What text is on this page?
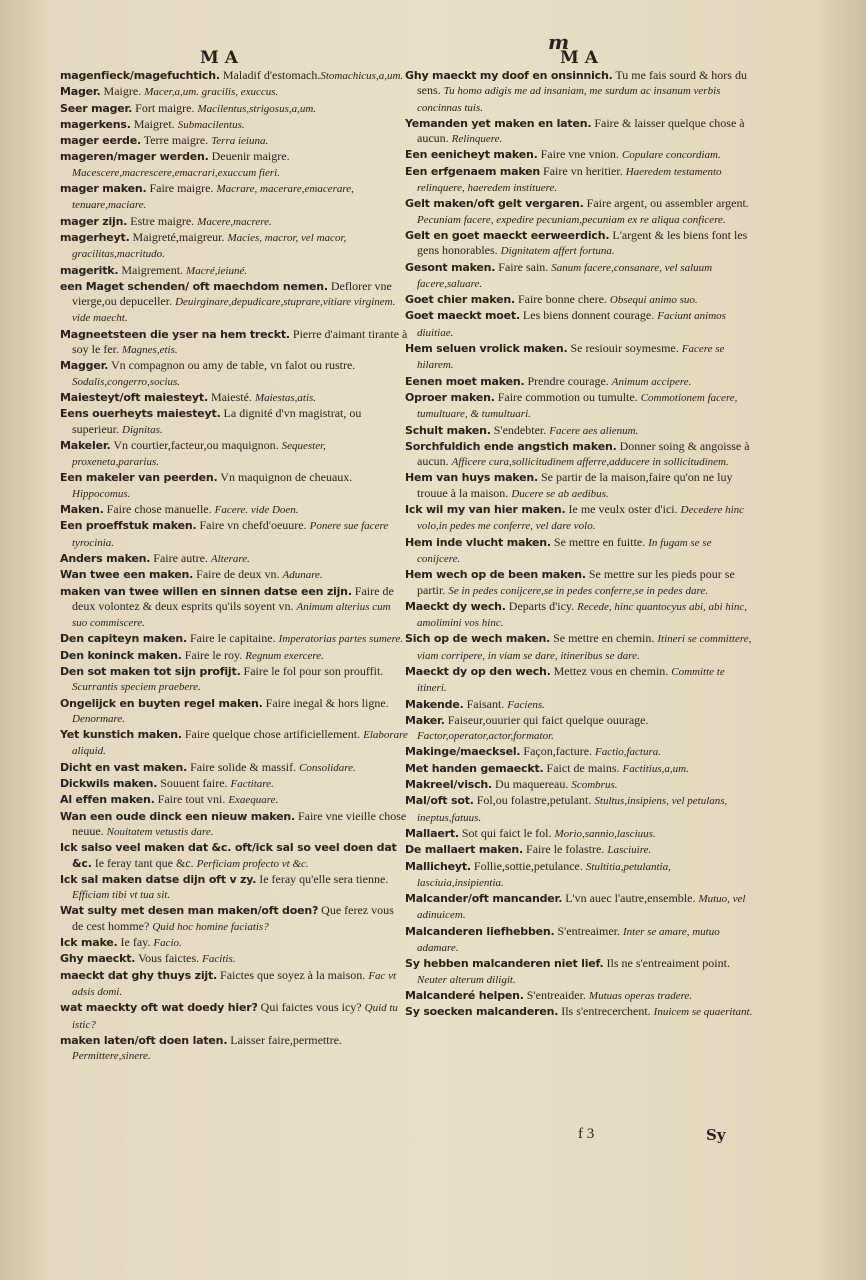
M A
m
M A

magenfieck/magefuchtich. Maladif d'estomach.Stomachicus,a,um.

Mager. Maigre. Macer,a,um. gracilis, exuccus.

Seer mager. Fort maigre. Macilentus,strigosus,a,um.

magerkens. Maigret. Submacilentus.

mager eerde. Terre maigre. Terra ieiuna.

mageren/mager werden. Deuenir maigre. Macescere,macrescere,emacrari,exuccum fieri.

mager maken. Faire maigre. Macrare, macerare,emacerare, tenuare,maciare.

mager zijn. Estre maigre. Macere,macrere.

magerheyt. Maigreté,maigreur. Macies, macror, vel macor, gracilitas,macritudo.

mageritk. Maigrement. Macré,ieiuné.

een Maget schenden/ oft maechdom nemen. Deflorer vne vierge,ou depuceller. Deuirginare,depudicare,stuprare,vitiare virginem. vide maecht.

Magneetsteen die yser na hem treckt. Pierre d'aimant tirante à soy le fer. Magnes,etis.

Magger. Vn compagnon ou amy de table, vn falot ou rustre. Sodalis,congerro,socius.

Maiesteyt/oft maiesteyt. Maiesté. Maiestas,atis.

Eens ouerheyts maiesteyt. La dignité d'vn magistrat, ou superieur. Dignitas.

Makeler. Vn courtier,facteur,ou maquignon. Sequester, proxeneta,pararius.

Een makeler van peerden. Vn maquignon de cheuaux. Hippocomus.

Maken. Faire chose manuelle. Facere. vide Doen.

Een proeffstuk maken. Faire vn chefd'oeuure. Ponere sue facere tyrocinia.

Anders maken. Faire autre. Alterare.

Wan twee een maken. Faire de deux vn. Adunare.

maken van twee willen en sinnen datse een zijn. Faire de deux volontez & deux esprits qu'ils soyent vn. Animum alterius cum suo commiscere.

Den capiteyn maken. Faire le capitaine. Imperatorias partes sumere.

Den koninck maken. Faire le roy. Regnum exercere.

Den sot maken tot sijn profijt. Faire le fol pour son prouffit. Scurrantis speciem praebere.

Ongelijck en buyten regel maken. Faire inegal & hors ligne. Denormare.

Yet kunstich maken. Faire quelque chose artificiellement. Elaborare aliquid.

Dicht en vast maken. Faire solide & massif. Consolidare.

Dickwils maken. Souuent faire. Factitare.

Al effen maken. Faire tout vni. Exaequare.

Wan een oude dinck een nieuw maken. Faire vne vieille chose neuue. Nouitatem vetustis dare.

Ick salso veel maken dat &c. oft/ick sal so veel doen dat &c. Ie feray tant que &c. Perficiam profecto vt &c.

Ick sal maken datse dijn oft v zy. Ie feray qu'elle sera tienne. Efficiam tibi vt tua sit.

Wat sulty met desen man maken/oft doen? Que ferez vous de cest homme? Quid hoc homine faciatis?

Ick make. Ie fay. Facio.

Ghy maeckt. Vous faictes. Facitis.

maeckt dat ghy thuys zijt. Faictes que soyez à la maison. Fac vt adsis domi.

wat maeckty oft wat doedy hier? Qui faictes vous icy? Quid tu istic?

maken laten/oft doen laten. Laisser faire,permettre. Permittere,sinere.

Ghy maeckt my doof en onsinnich. Tu me fais sourd & hors du sens. Tu homo adigis me ad insaniam, me surdum ac insanum verbis concinnas tuis.

Yemanden yet maken en laten. Faire & laisser quelque chose à aucun. Relinquere.

Een eenicheyt maken. Faire vne vnion. Copulare concordiam.

Een erfgenaem maken Faire vn heritier. Haeredem testamento relinquere, haeredem instituere.

Gelt maken/oft gelt vergaren. Faire argent, ou assembler argent. Pecuniam facere, expedire pecuniam,pecuniam ex re aliqua conficere.

Gelt en goet maeckt eerweerdich. L'argent & les biens font les gens honorables. Dignitatem affert fortuna.

Gesont maken. Faire sain. Sanum facere,consanare, vel saluum facere,saluare.

Goet chier maken. Faire bonne chere. Obsequi animo suo.

Goet maeckt moet. Les biens donnent courage. Faciunt animos diuitiae.

Hem seluen vrolick maken. Se resiouir soymesme. Facere se hilarem.

Eenen moet maken. Prendre courage. Animum accipere.

Oproer maken. Faire commotion ou tumulte. Commotionem facere, tumultuare, & tumultuari.

Schult maken. S'endebter. Facere aes alienum.

Sorchfuldich ende angstich maken. Donner soing & angoisse à aucun. Afficere cura,sollicitudinem afferre,adducere in sollicitudinem.

Hem van huys maken. Se partir de la maison,faire qu'on ne luy trouue à la maison. Ducere se ab aedibus.

Ick wil my van hier maken. Ie me veulx oster d'ici. Decedere hinc volo,in pedes me conferre, vel dare volo.

Hem inde vlucht maken. Se mettre en fuitte. In fugam se se conijcere.

Hem wech op de been maken. Se mettre sur les pieds pour se partir. Se in pedes conijcere,se in pedes conferre,se in pedes dare.

Maeckt dy wech. Departs d'icy. Recede, hinc quantocyus abi, abi hinc, amolimini vos hinc.

Sich op de wech maken. Se mettre en chemin. Itineri se committere, viam corripere, in viam se dare, itineribus se dare.

Maeckt dy op den wech. Mettez vous en chemin. Committe te itineri.

Makende. Faisant. Faciens.

Maker. Faiseur,ouurier qui faict quelque ouurage. Factor,operator,actor,formator.

Makinge/maecksel. Façon,facture. Factio,factura.

Met handen gemaeckt. Faict de mains. Factitius,a,um.

Makreel/visch. Du maquereau. Scombrus.

Mal/oft sot. Fol,ou folastre,petulant. Stultus,insipiens, vel petulans, ineptus,fatuus.

Mallaert. Sot qui faict le fol. Morio,sannio,lasciuus.

De mallaert maken. Faire le folastre. Lasciuire.

Mallicheyt. Follie,sottie,petulance. Stultitia,petulantia, lasciuia,insipientia.

Malcander/oft mancander. L'vn auec l'autre,ensemble. Mutuo, vel adinuicem.

Malcanderen liefhebben. S'entreaimer. Inter se amare, mutuo adamare.

Sy hebben malcanderen niet lief. Ils ne s'entreaiment point. Neuter alterum diligit.

Malcanderé helpen. S'entreaider. Mutuas operas tradere.

Sy soecken malcanderen. Ils s'entrecerchent. Inuicem se quaeritant.

f 3	Sy
